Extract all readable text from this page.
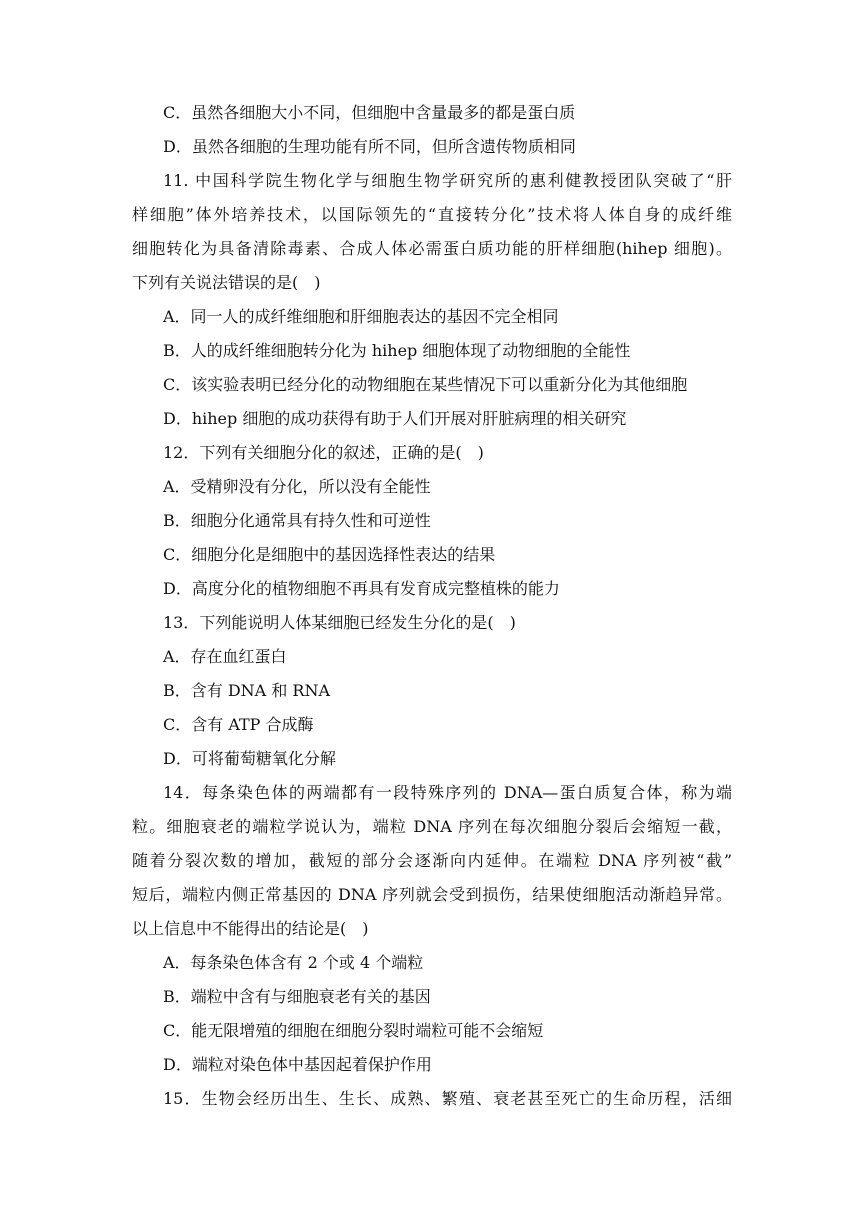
C．虽然各细胞大小不同，但细胞中含量最多的都是蛋白质
D．虽然各细胞的生理功能有所不同，但所含遗传物质相同
11. 中国科学院生物化学与细胞生物学研究所的惠利健教授团队突破了“肝
样细胞”体外培养技术，以国际领先的“直接转分化”技术将人体自身的成纤维
细胞转化为具备清除毒素、合成人体必需蛋白质功能的肝样细胞(hihep 细胞)。
下列有关说法错误的是(　)
A．同一人的成纤维细胞和肝细胞表达的基因不完全相同
B．人的成纤维细胞转分化为 hihep 细胞体现了动物细胞的全能性
C．该实验表明已经分化的动物细胞在某些情况下可以重新分化为其他细胞
D．hihep 细胞的成功获得有助于人们开展对肝脏病理的相关研究
12．下列有关细胞分化的叙述，正确的是(　)
A．受精卵没有分化，所以没有全能性
B．细胞分化通常具有持久性和可逆性
C．细胞分化是细胞中的基因选择性表达的结果
D．高度分化的植物细胞不再具有发育成完整植株的能力
13．下列能说明人体某细胞已经发生分化的是(　)
A．存在血红蛋白
B．含有 DNA 和 RNA
C．含有 ATP 合成酶
D．可将葡萄糖氧化分解
14．每条染色体的两端都有一段特殊序列的 DNA—蛋白质复合体，称为端
粒。细胞衰老的端粒学说认为，端粒 DNA 序列在每次细胞分裂后会缩短一截，
随着分裂次数的增加，截短的部分会逐渐向内延伸。在端粒 DNA 序列被“截”
短后，端粒内侧正常基因的 DNA 序列就会受到损伤，结果使细胞活动渐趋异常。
以上信息中不能得出的结论是(　)
A．每条染色体含有 2 个或 4 个端粒
B．端粒中含有与细胞衰老有关的基因
C．能无限增殖的细胞在细胞分裂时端粒可能不会缩短
D．端粒对染色体中基因起着保护作用
15．生物会经历出生、生长、成熟、繁殖、衰老甚至死亡的生命历程，活细
